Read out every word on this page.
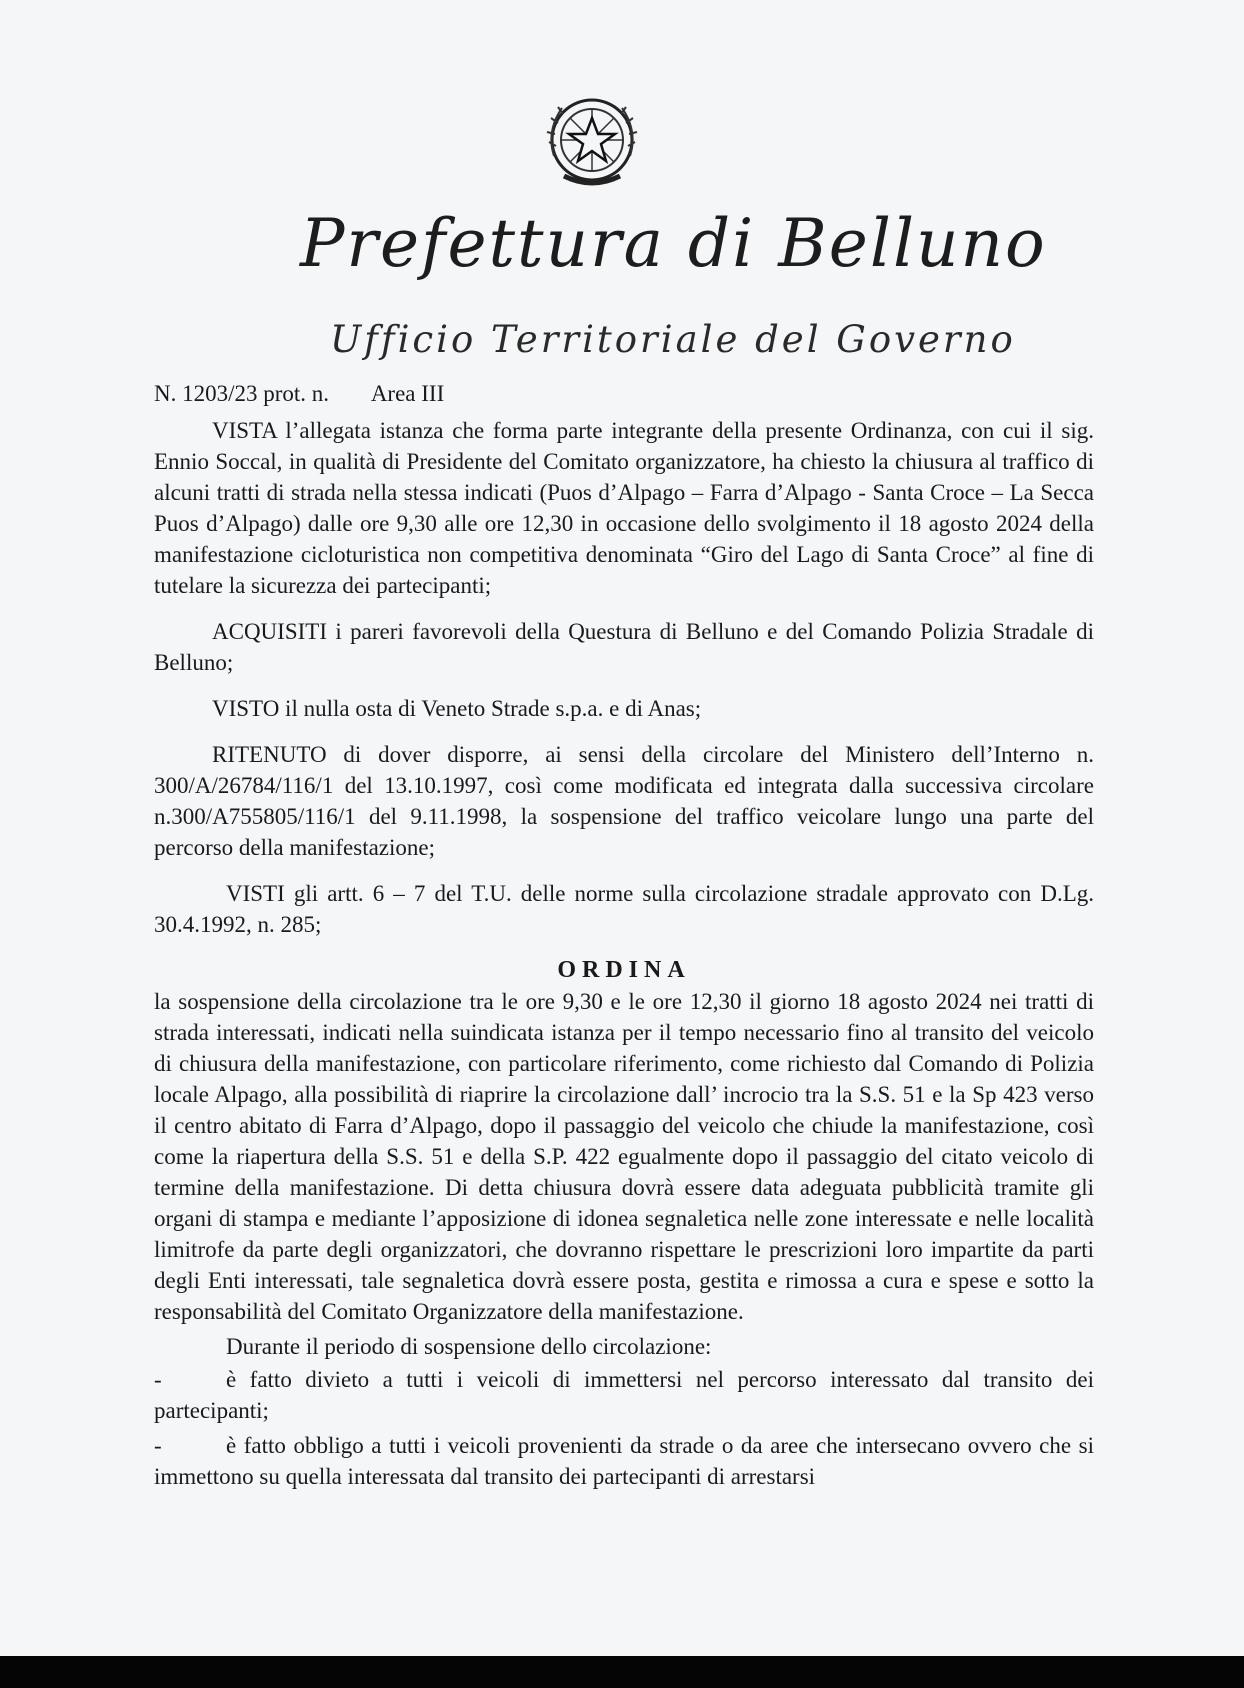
Prefettura di Belluno
Ufficio Territoriale del Governo

N. 1203/23 prot. n. Area III

VISTA l’allegata istanza che forma parte integrante della presente Ordinanza, con cui il sig. Ennio Soccal, in qualità di Presidente del Comitato organizzatore, ha chiesto la chiusura al traffico di alcuni tratti di strada nella stessa indicati (Puos d’Alpago – Farra d’Alpago - Santa Croce – La Secca Puos d’Alpago) dalle ore 9,30 alle ore 12,30 in occasione dello svolgimento il 18 agosto 2024 della manifestazione cicloturistica non competitiva denominata “Giro del Lago di Santa Croce” al fine di tutelare la sicurezza dei partecipanti;

ACQUISITI i pareri favorevoli della Questura di Belluno e del Comando Polizia Stradale di Belluno;

VISTO il nulla osta di Veneto Strade s.p.a. e di Anas;

RITENUTO di dover disporre, ai sensi della circolare del Ministero dell’Interno n. 300/A/26784/116/1 del 13.10.1997, così come modificata ed integrata dalla successiva circolare n.300/A755805/116/1 del 9.11.1998, la sospensione del traffico veicolare lungo una parte del percorso della manifestazione;

VISTI gli artt. 6 – 7 del T.U. delle norme sulla circolazione stradale approvato con D.Lg. 30.4.1992, n. 285;

ORDINA

la sospensione della circolazione tra le ore 9,30 e le ore 12,30 il giorno 18 agosto 2024 nei tratti di strada interessati, indicati nella suindicata istanza per il tempo necessario fino al transito del veicolo di chiusura della manifestazione, con particolare riferimento, come richiesto dal Comando di Polizia locale Alpago, alla possibilità di riaprire la circolazione dall’ incrocio tra la S.S. 51 e la Sp 423 verso il centro abitato di Farra d’Alpago, dopo il passaggio del veicolo che chiude la manifestazione, così come la riapertura della S.S. 51 e della S.P. 422 egualmente dopo il passaggio del citato veicolo di termine della manifestazione. Di detta chiusura dovrà essere data adeguata pubblicità tramite gli organi di stampa e mediante l’apposizione di idonea segnaletica nelle zone interessate e nelle località limitrofe da parte degli organizzatori, che dovranno rispettare le prescrizioni loro impartite da parti degli Enti interessati, tale segnaletica dovrà essere posta, gestita e rimossa a cura e spese e sotto la responsabilità del Comitato Organizzatore della manifestazione.

Durante il periodo di sospensione dello circolazione:

-	è fatto divieto a tutti i veicoli di immettersi nel percorso interessato dal transito dei partecipanti;

-	è fatto obbligo a tutti i veicoli provenienti da strade o da aree che intersecano ovvero che si immettono su quella interessata dal transito dei partecipanti di arrestarsi
